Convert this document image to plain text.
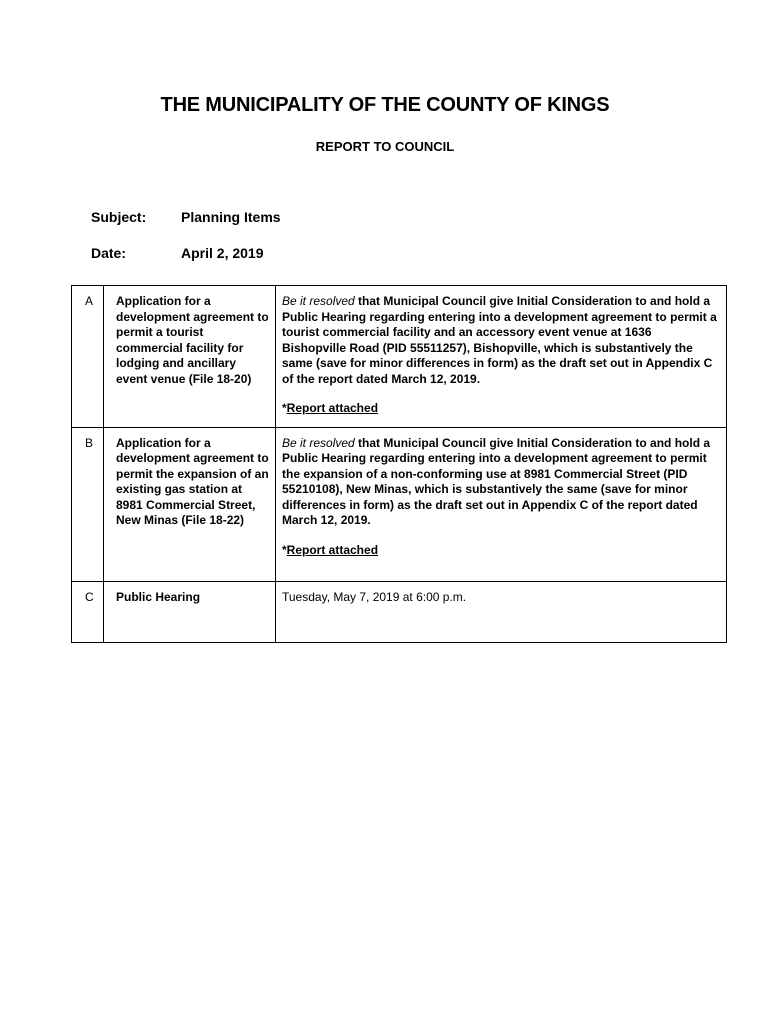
THE MUNICIPALITY OF THE COUNTY OF KINGS
REPORT TO COUNCIL
Subject: Planning Items
Date:	April 2, 2019
A	Application for a development agreement to permit a tourist commercial facility for lodging and ancillary event venue (File 18-20)	Be it resolved that Municipal Council give Initial Consideration to and hold a Public Hearing regarding entering into a development agreement to permit a tourist commercial facility and an accessory event venue at 1636 Bishopville Road (PID 55511257), Bishopville, which is substantively the same (save for minor differences in form) as the draft set out in Appendix C of the report dated March 12, 2019.
*Report attached

B	Application for a development agreement to permit the expansion of an existing gas station at 8981 Commercial Street, New Minas (File 18-22)	Be it resolved that Municipal Council give Initial Consideration to and hold a Public Hearing regarding entering into a development agreement to permit the expansion of a non-conforming use at 8981 Commercial Street (PID 55210108), New Minas, which is substantively the same (save for minor differences in form) as the draft set out in Appendix C of the report dated March 12, 2019.
*Report attached

C	Public Hearing	Tuesday, May 7, 2019 at 6:00 p.m.
